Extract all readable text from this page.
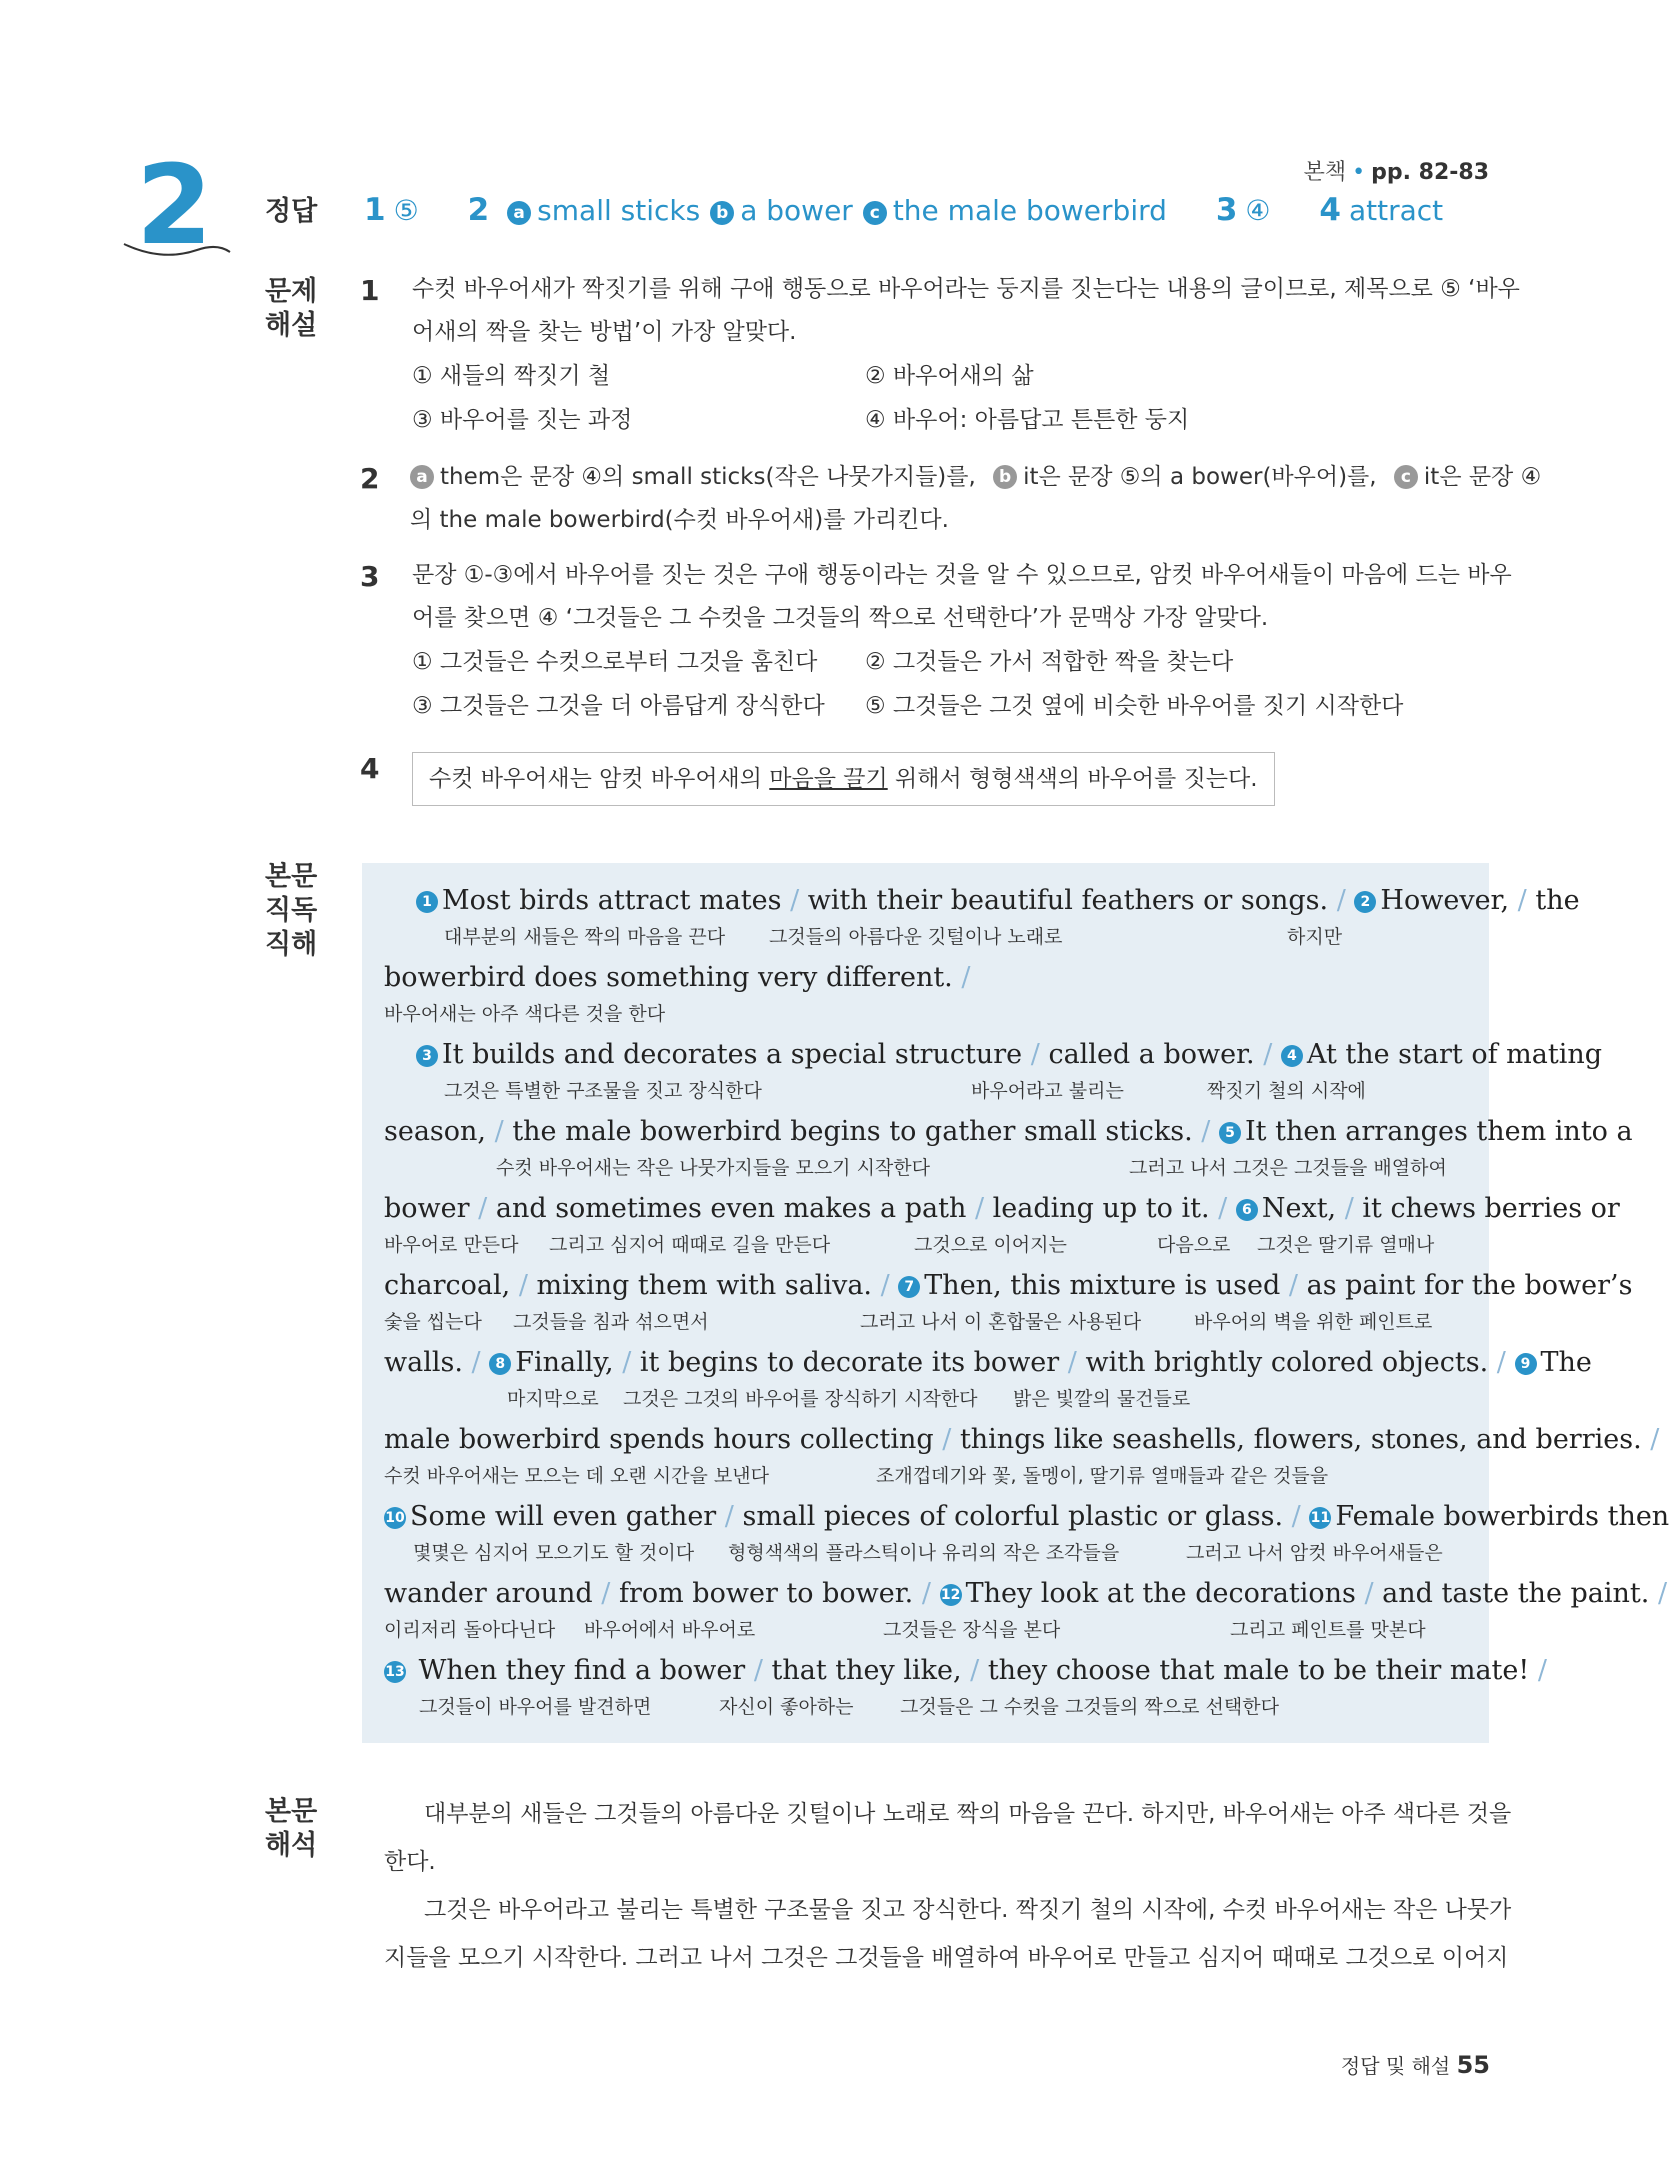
본책 • pp. 82-83
2 정답 1 ⑤ 2 a small sticks b a bower c the male bowerbird 3 ④ 4 attract
문제
해설
1 수컷 바우어새가 짝짓기를 위해 구애 행동으로 바우어라는 둥지를 짓는다는 내용의 글이므로, 제목으로 ⑤ ‘바우
어새의 짝을 찾는 방법’이 가장 알맞다.
① 새들의 짝짓기 철	② 바우어새의 삶
③ 바우어를 짓는 과정	④ 바우어: 아름답고 튼튼한 둥지
2	a them은 문장 ④의 small sticks(작은 나뭇가지들)를, b it은 문장 ⑤의 a bower(바우어)를, c it은 문장 ④
의 the male bowerbird(수컷 바우어새)를 가리킨다.
3 문장 ①-③에서 바우어를 짓는 것은 구애 행동이라는 것을 알 수 있으므로, 암컷 바우어새들이 마음에 드는 바우
어를 찾으면 ④ ‘그것들은 그 수컷을 그것들의 짝으로 선택한다’가 문맥상 가장 알맞다.
① 그것들은 수컷으로부터 그것을 훔친다 ② 그것들은 가서 적합한 짝을 찾는다
③ 그것들은 그것을 더 아름답게 장식한다 ⑤ 그것들은 그것 옆에 비슷한 바우어를 짓기 시작한다
4	수컷 바우어새는 암컷 바우어새의 마음을 끌기 위해서 형형색색의 바우어를 짓는다.
본문
직독
직해
1 Most birds attract mates / with their beautiful feathers or songs. / 2 However, / the
대부분의 새들은 짝의 마음을 끈다 그것들의 아름다운 깃털이나 노래로	하지만
bowerbird does something very different. /
바우어새는 아주 색다른 것을 한다
3 It builds and decorates a special structure / called a bower. / 4 At the start of mating
그것은 특별한 구조물을 짓고 장식한다	바우어라고 불리는	짝짓기 철의 시작에
season, / the male bowerbird begins to gather small sticks. / 5 It then arranges them into a
수컷 바우어새는 작은 나뭇가지들을 모으기 시작한다	그러고 나서 그것은 그것들을 배열하여
bower / and sometimes even makes a path / leading up to it. / 6 Next, / it chews berries or
바우어로 만든다 그리고 심지어 때때로 길을 만든다	그것으로 이어지는	다음으로 그것은 딸기류 열매나
charcoal, / mixing them with saliva. / 7 Then, this mixture is used / as paint for the bower’s
숯을 씹는다 그것들을 침과 섞으면서	그러고 나서 이 혼합물은 사용된다	바우어의 벽을 위한 페인트로
walls. / 8 Finally, / it begins to decorate its bower / with brightly colored objects. / 9 The
마지막으로 그것은 그것의 바우어를 장식하기 시작한다 밝은 빛깔의 물건들로
male bowerbird spends hours collecting / things like seashells, flowers, stones, and berries. /
수컷 바우어새는 모으는 데 오랜 시간을 보낸다	조개껍데기와 꽃, 돌멩이, 딸기류 열매들과 같은 것들을
10 Some will even gather / small pieces of colorful plastic or glass. / 11 Female bowerbirds then
몇몇은 심지어 모으기도 할 것이다 형형색색의 플라스틱이나 유리의 작은 조각들을	그러고 나서 암컷 바우어새들은
wander around / from bower to bower. / 12 They look at the decorations / and taste the paint. /
이리저리 돌아다닌다 바우어에서 바우어로	그것들은 장식을 본다	그리고 페인트를 맛본다
13 When they find a bower / that they like, / they choose that male to be their mate! /
그것들이 바우어를 발견하면	자신이 좋아하는 그것들은 그 수컷을 그것들의 짝으로 선택한다
본문
해석
대부분의 새들은 그것들의 아름다운 깃털이나 노래로 짝의 마음을 끈다. 하지만, 바우어새는 아주 색다른 것을
한다.
그것은 바우어라고 불리는 특별한 구조물을 짓고 장식한다. 짝짓기 철의 시작에, 수컷 바우어새는 작은 나뭇가
지들을 모으기 시작한다. 그러고 나서 그것은 그것들을 배열하여 바우어로 만들고 심지어 때때로 그것으로 이어지
정답 및 해설 55
